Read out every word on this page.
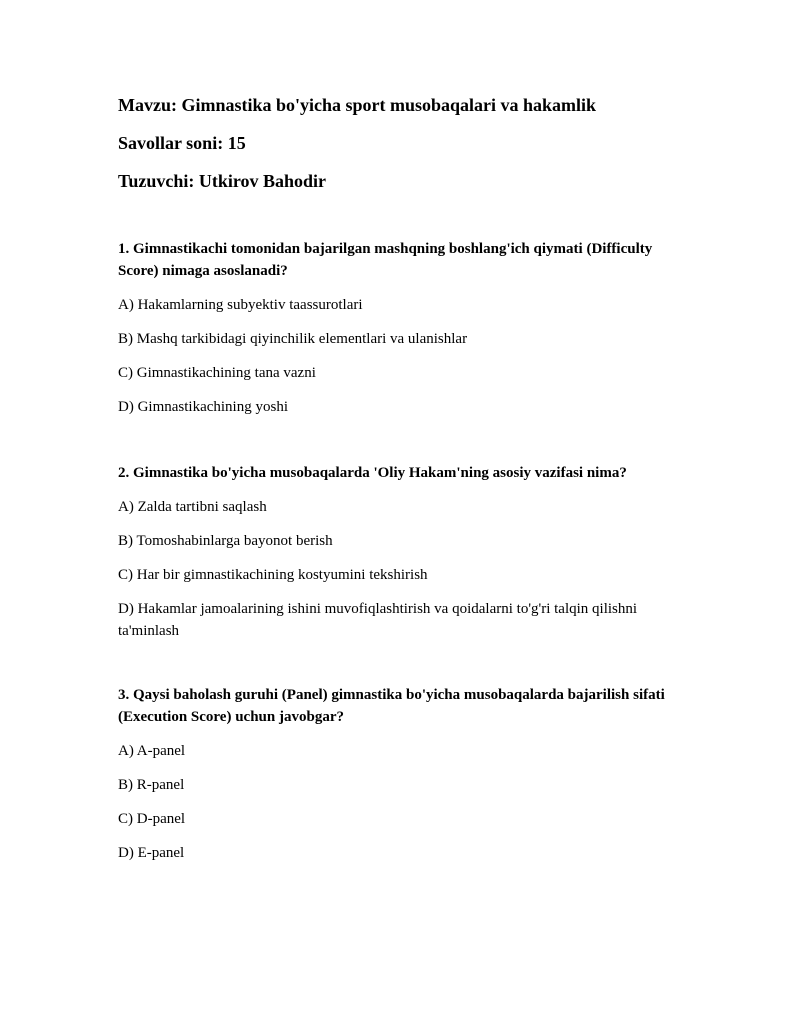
Mavzu: Gimnastika bo'yicha sport musobaqalari va hakamlik

Savollar soni: 15

Tuzuvchi: Utkirov Bahodir

1. Gimnastikachi tomonidan bajarilgan mashqning boshlang'ich qiymati (Difficulty Score) nimaga asoslanadi?

A) Hakamlarning subyektiv taassurotlari

B) Mashq tarkibidagi qiyinchilik elementlari va ulanishlar

C) Gimnastikachining tana vazni

D) Gimnastikachining yoshi

2. Gimnastika bo'yicha musobaqalarda 'Oliy Hakam'ning asosiy vazifasi nima?

A) Zalda tartibni saqlash

B) Tomoshabinlarga bayonot berish

C) Har bir gimnastikachining kostyumini tekshirish

D) Hakamlar jamoalarining ishini muvofiqlashtirish va qoidalarni to'g'ri talqin qilishni ta'minlash

3. Qaysi baholash guruhi (Panel) gimnastika bo'yicha musobaqalarda bajarilish sifati (Execution Score) uchun javobgar?

A) A-panel

B) R-panel

C) D-panel

D) E-panel
